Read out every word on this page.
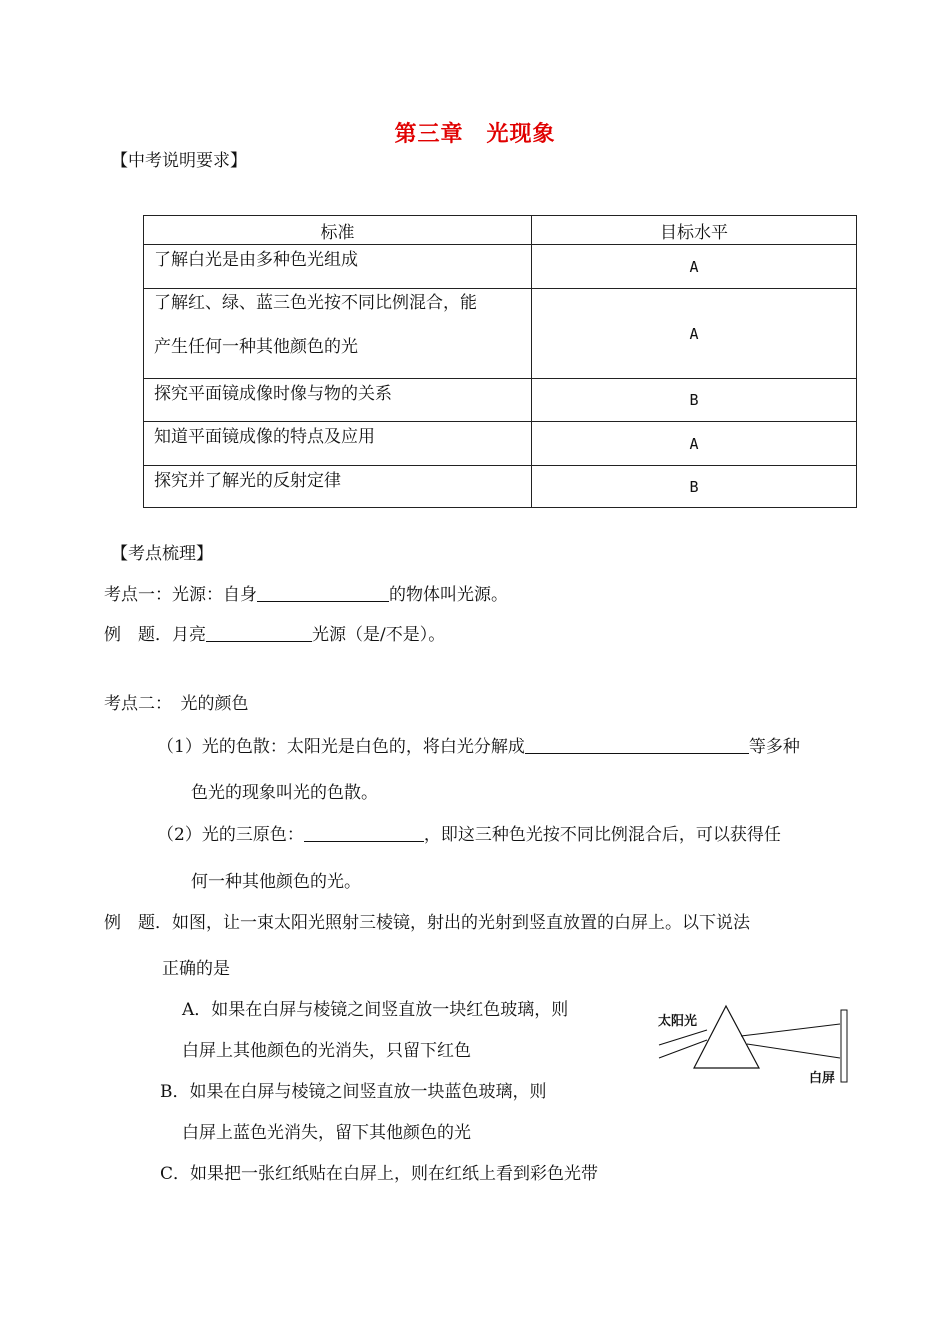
第三章　光现象
【中考说明要求】
标准	目标水平
了解白光是由多种色光组成	A

了解红、绿、蓝三色光按不同比例混合，能
产生任何一种其他颜色的光	A
探究平面镜成像时像与物的关系	B
知道平面镜成像的特点及应用	A
探究并了解光的反射定律	B
【考点梳理】
考点一：光源：自身	的物体叫光源。
例　题．月亮	光源（是/不是）。
考点二：　光的颜色
（1）光的色散：太阳光是白色的，将白光分解成	等多种
色光的现象叫光的色散。
（2）光的三原色：	，即这三种色光按不同比例混合后，可以获得任
何一种其他颜色的光。
例　题．如图，让一束太阳光照射三棱镜，射出的光射到竖直放置的白屏上。以下说法
正确的是
A．如果在白屏与棱镜之间竖直放一块红色玻璃，则
白屏上其他颜色的光消失，只留下红色
B．如果在白屏与棱镜之间竖直放一块蓝色玻璃，则
白屏上蓝色光消失，留下其他颜色的光
C．如果把一张红纸贴在白屏上，则在红纸上看到彩色光带
太阳光
白屏
